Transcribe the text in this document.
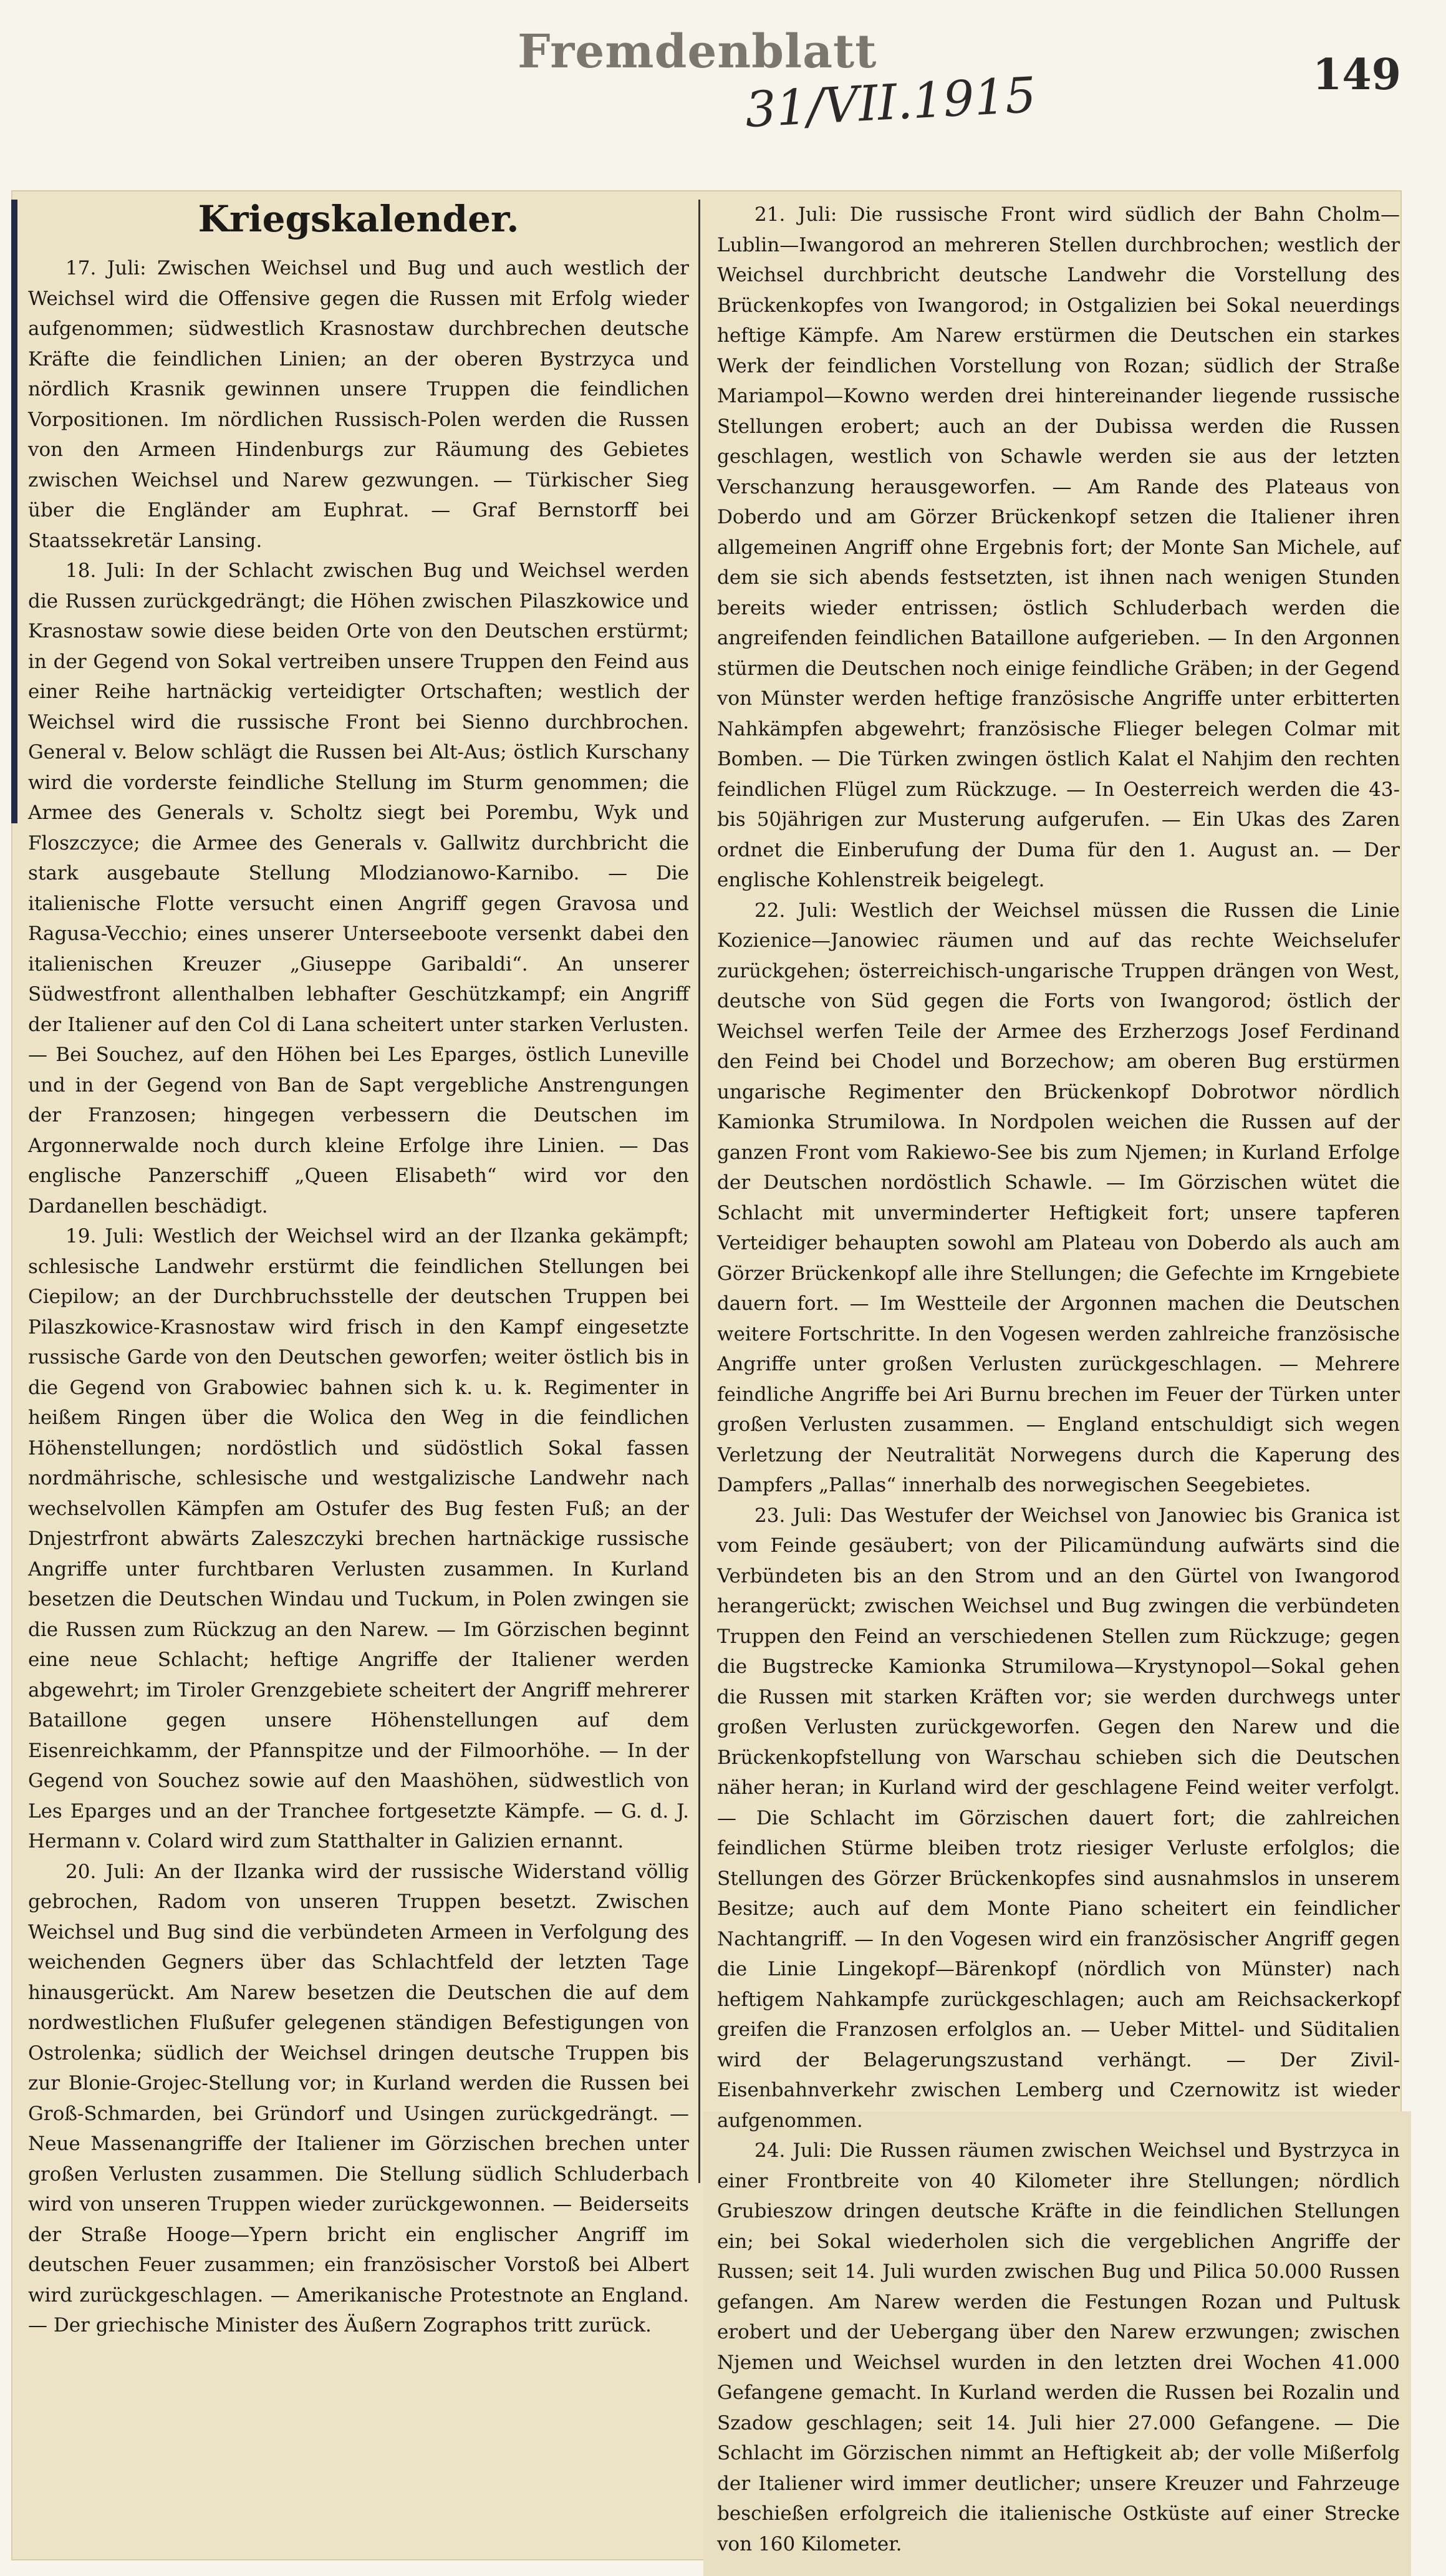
Fremdenblatt
31/VII.1915	149
Kriegskalender.
17. Juli: Zwischen Weichsel und Bug und auch westlich der Weichsel wird die Offensive gegen die Russen mit Erfolg wieder aufgenommen; südwestlich Krasnostaw durchbrechen deutsche Kräfte die feindlichen Linien; an der oberen Bystrzyca und nördlich Krasnik gewinnen unsere Truppen die feindlichen Vorpositionen. Im nördlichen Russisch-Polen werden die Russen von den Armeen Hindenburgs zur Räumung des Gebietes zwischen Weichsel und Narew gezwungen. — Türkischer Sieg über die Engländer am Euphrat. — Graf Bernstorff bei Staatssekretär Lansing.
18. Juli: In der Schlacht zwischen Bug und Weichsel werden die Russen zurückgedrängt; die Höhen zwischen Pilaszkowice und Krasnostaw sowie diese beiden Orte von den Deutschen erstürmt; in der Gegend von Sokal vertreiben unsere Truppen den Feind aus einer Reihe hartnäckig verteidigter Ortschaften; westlich der Weichsel wird die russische Front bei Sienno durchbrochen. General v. Below schlägt die Russen bei Alt-Aus; östlich Kurschany wird die vorderste feindliche Stellung im Sturm genommen; die Armee des Generals v. Scholtz siegt bei Porembu, Wyk und Floszczyce; die Armee des Generals v. Gallwitz durchbricht die stark ausgebaute Stellung Mlodzianowo-Karnibo. — Die italienische Flotte versucht einen Angriff gegen Gravosa und Ragusa-Vecchio; eines unserer Unterseeboote versenkt dabei den italienischen Kreuzer „Giuseppe Garibaldi“. An unserer Südwestfront allenthalben lebhafter Geschützkampf; ein Angriff der Italiener auf den Col di Lana scheitert unter starken Verlusten. — Bei Souchez, auf den Höhen bei Les Eparges, östlich Luneville und in der Gegend von Ban de Sapt vergebliche Anstrengungen der Franzosen; hingegen verbessern die Deutschen im Argonnerwalde noch durch kleine Erfolge ihre Linien. — Das englische Panzerschiff „Queen Elisabeth“ wird vor den Dardanellen beschädigt.
19. Juli: Westlich der Weichsel wird an der Ilzanka gekämpft; schlesische Landwehr erstürmt die feindlichen Stellungen bei Ciepilow; an der Durchbruchsstelle der deutschen Truppen bei Pilaszkowice-Krasnostaw wird frisch in den Kampf eingesetzte russische Garde von den Deutschen geworfen; weiter östlich bis in die Gegend von Grabowiec bahnen sich k. u. k. Regimenter in heißem Ringen über die Wolica den Weg in die feindlichen Höhenstellungen; nordöstlich und südöstlich Sokal fassen nordmährische, schlesische und westgalizische Landwehr nach wechselvollen Kämpfen am Ostufer des Bug festen Fuß; an der Dnjestrfront abwärts Zaleszczyki brechen hartnäckige russische Angriffe unter furchtbaren Verlusten zusammen. In Kurland besetzen die Deutschen Windau und Tuckum, in Polen zwingen sie die Russen zum Rückzug an den Narew. — Im Görzischen beginnt eine neue Schlacht; heftige Angriffe der Italiener werden abgewehrt; im Tiroler Grenzgebiete scheitert der Angriff mehrerer Bataillone gegen unsere Höhenstellungen auf dem Eisenreichkamm, der Pfannspitze und der Filmoorhöhe. — In der Gegend von Souchez sowie auf den Maashöhen, südwestlich von Les Eparges und an der Tranchee fortgesetzte Kämpfe. — G. d. J. Hermann v. Colard wird zum Statthalter in Galizien ernannt.
20. Juli: An der Ilzanka wird der russische Widerstand völlig gebrochen, Radom von unseren Truppen besetzt. Zwischen Weichsel und Bug sind die verbündeten Armeen in Verfolgung des weichenden Gegners über das Schlachtfeld der letzten Tage hinausgerückt. Am Narew besetzen die Deutschen die auf dem nordwestlichen Flußufer gelegenen ständigen Befestigungen von Ostrolenka; südlich der Weichsel dringen deutsche Truppen bis zur Blonie-Grojec-Stellung vor; in Kurland werden die Russen bei Groß-Schmarden, bei Gründorf und Usingen zurückgedrängt. — Neue Massenangriffe der Italiener im Görzischen brechen unter großen Verlusten zusammen. Die Stellung südlich Schluderbach wird von unseren Truppen wieder zurückgewonnen. — Beiderseits der Straße Hooge—Ypern bricht ein englischer Angriff im deutschen Feuer zusammen; ein französischer Vorstoß bei Albert wird zurückgeschlagen. — Amerikanische Protestnote an England. — Der griechische Minister des Äußern Zographos tritt zurück.
21. Juli: Die russische Front wird südlich der Bahn Cholm—Lublin—Iwangorod an mehreren Stellen durchbrochen; westlich der Weichsel durchbricht deutsche Landwehr die Vorstellung des Brückenkopfes von Iwangorod; in Ostgalizien bei Sokal neuerdings heftige Kämpfe. Am Narew erstürmen die Deutschen ein starkes Werk der feindlichen Vorstellung von Rozan; südlich der Straße Mariampol—Kowno werden drei hintereinander liegende russische Stellungen erobert; auch an der Dubissa werden die Russen geschlagen, westlich von Schawle werden sie aus der letzten Verschanzung herausgeworfen. — Am Rande des Plateaus von Doberdo und am Görzer Brückenkopf setzen die Italiener ihren allgemeinen Angriff ohne Ergebnis fort; der Monte San Michele, auf dem sie sich abends festsetzten, ist ihnen nach wenigen Stunden bereits wieder entrissen; östlich Schluderbach werden die angreifenden feindlichen Bataillone aufgerieben. — In den Argonnen stürmen die Deutschen noch einige feindliche Gräben; in der Gegend von Münster werden heftige französische Angriffe unter erbitterten Nahkämpfen abgewehrt; französische Flieger belegen Colmar mit Bomben. — Die Türken zwingen östlich Kalat el Nahjim den rechten feindlichen Flügel zum Rückzuge. — In Oesterreich werden die 43- bis 50jährigen zur Musterung aufgerufen. — Ein Ukas des Zaren ordnet die Einberufung der Duma für den 1. August an. — Der englische Kohlenstreik beigelegt.
22. Juli: Westlich der Weichsel müssen die Russen die Linie Kozienice—Janowiec räumen und auf das rechte Weichselufer zurückgehen; österreichisch-ungarische Truppen drängen von West, deutsche von Süd gegen die Forts von Iwangorod; östlich der Weichsel werfen Teile der Armee des Erzherzogs Josef Ferdinand den Feind bei Chodel und Borzechow; am oberen Bug erstürmen ungarische Regimenter den Brückenkopf Dobrotwor nördlich Kamionka Strumilowa. In Nordpolen weichen die Russen auf der ganzen Front vom Rakiewo-See bis zum Njemen; in Kurland Erfolge der Deutschen nordöstlich Schawle. — Im Görzischen wütet die Schlacht mit unverminderter Heftigkeit fort; unsere tapferen Verteidiger behaupten sowohl am Plateau von Doberdo als auch am Görzer Brückenkopf alle ihre Stellungen; die Gefechte im Krngebiete dauern fort. — Im Westteile der Argonnen machen die Deutschen weitere Fortschritte. In den Vogesen werden zahlreiche französische Angriffe unter großen Verlusten zurückgeschlagen. — Mehrere feindliche Angriffe bei Ari Burnu brechen im Feuer der Türken unter großen Verlusten zusammen. — England entschuldigt sich wegen Verletzung der Neutralität Norwegens durch die Kaperung des Dampfers „Pallas“ innerhalb des norwegischen Seegebietes.
23. Juli: Das Westufer der Weichsel von Janowiec bis Granica ist vom Feinde gesäubert; von der Pilicamündung aufwärts sind die Verbündeten bis an den Strom und an den Gürtel von Iwangorod herangerückt; zwischen Weichsel und Bug zwingen die verbündeten Truppen den Feind an verschiedenen Stellen zum Rückzuge; gegen die Bugstrecke Kamionka Strumilowa—Krystynopol—Sokal gehen die Russen mit starken Kräften vor; sie werden durchwegs unter großen Verlusten zurückgeworfen. Gegen den Narew und die Brückenkopfstellung von Warschau schieben sich die Deutschen näher heran; in Kurland wird der geschlagene Feind weiter verfolgt. — Die Schlacht im Görzischen dauert fort; die zahlreichen feindlichen Stürme bleiben trotz riesiger Verluste erfolglos; die Stellungen des Görzer Brückenkopfes sind ausnahmslos in unserem Besitze; auch auf dem Monte Piano scheitert ein feindlicher Nachtangriff. — In den Vogesen wird ein französischer Angriff gegen die Linie Lingekopf—Bärenkopf (nördlich von Münster) nach heftigem Nahkampfe zurückgeschlagen; auch am Reichsackerkopf greifen die Franzosen erfolglos an. — Ueber Mittel- und Süditalien wird der Belagerungszustand verhängt. — Der Zivil-Eisenbahnverkehr zwischen Lemberg und Czernowitz ist wieder aufgenommen.
24. Juli: Die Russen räumen zwischen Weichsel und Bystrzyca in einer Frontbreite von 40 Kilometer ihre Stellungen; nördlich Grubieszow dringen deutsche Kräfte in die feindlichen Stellungen ein; bei Sokal wiederholen sich die vergeblichen Angriffe der Russen; seit 14. Juli wurden zwischen Bug und Pilica 50.000 Russen gefangen. Am Narew werden die Festungen Rozan und Pultusk erobert und der Uebergang über den Narew erzwungen; zwischen Njemen und Weichsel wurden in den letzten drei Wochen 41.000 Gefangene gemacht. In Kurland werden die Russen bei Rozalin und Szadow geschlagen; seit 14. Juli hier 27.000 Gefangene. — Die Schlacht im Görzischen nimmt an Heftigkeit ab; der volle Mißerfolg der Italiener wird immer deutlicher; unsere Kreuzer und Fahrzeuge beschießen erfolgreich die italienische Ostküste auf einer Strecke von 160 Kilometer.
